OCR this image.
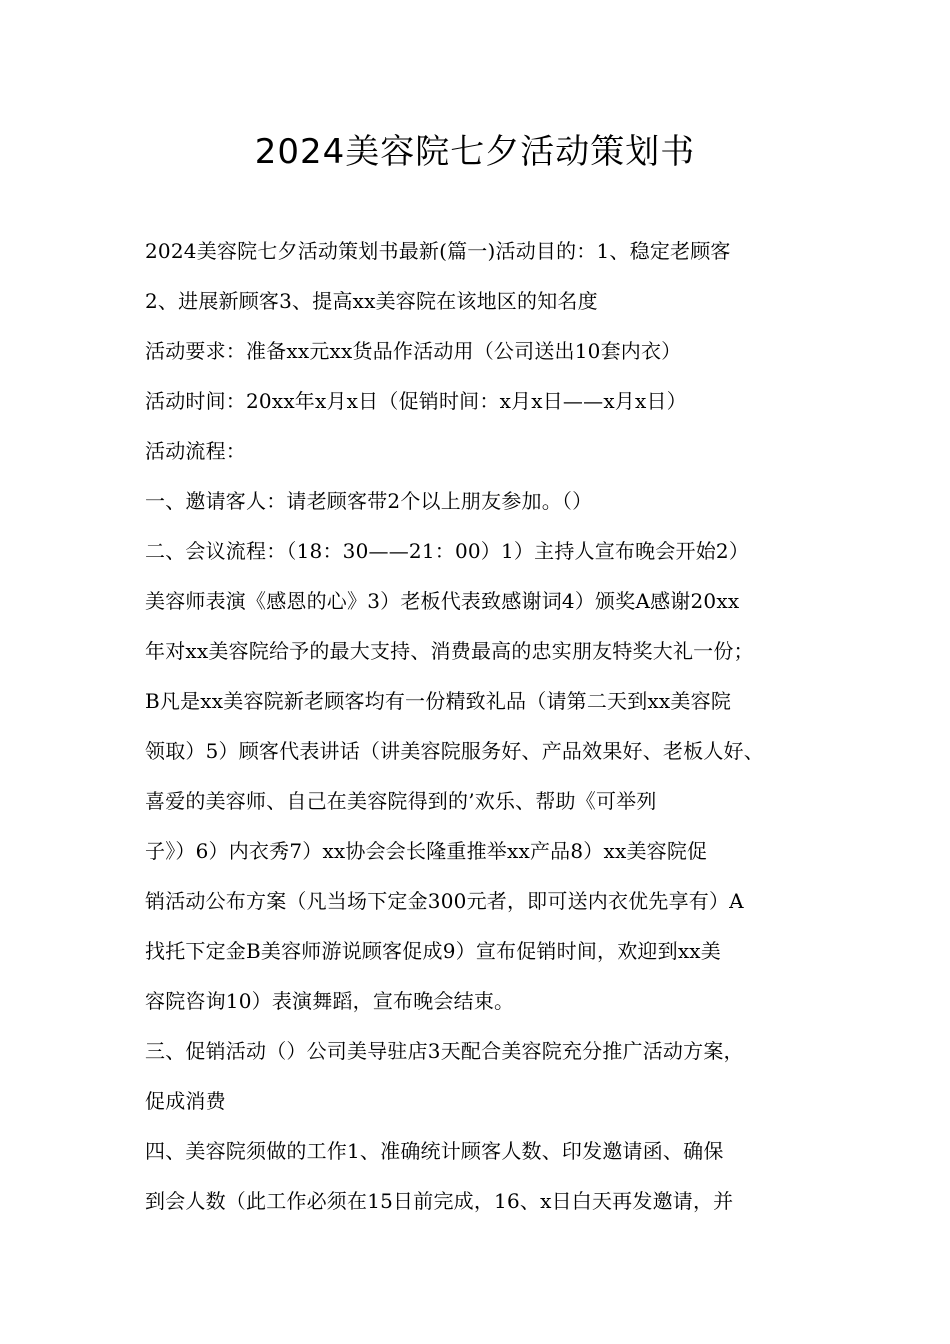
2024美容院七夕活动策划书
2024美容院七夕活动策划书最新(篇一)活动目的：1、稳定老顾客
2、进展新顾客3、提高xx美容院在该地区的知名度
活动要求：准备xx元xx货品作活动用（公司送出10套内衣）
活动时间：20xx年x月x日（促销时间：x月x日——x月x日）
活动流程：
一、邀请客人：请老顾客带2个以上朋友参加。（）
二、会议流程：（18：30——21：00）1）主持人宣布晚会开始2）
美容师表演《感恩的心》3）老板代表致感谢词4）颁奖A感谢20xx
年对xx美容院给予的最大支持、消费最高的忠实朋友特奖大礼一份；
B凡是xx美容院新老顾客均有一份精致礼品（请第二天到xx美容院
领取）5）顾客代表讲话（讲美容院服务好、产品效果好、老板人好、
喜爱的美容师、自己在美容院得到的’欢乐、帮助《可举列
子》）6）内衣秀7）xx协会会长隆重推举xx产品8）xx美容院促
销活动公布方案（凡当场下定金300元者，即可送内衣优先享有）A
找托下定金B美容师游说顾客促成9）宣布促销时间，欢迎到xx美
容院咨询10）表演舞蹈，宣布晚会结束。
三、促销活动（）公司美导驻店3天配合美容院充分推广活动方案，
促成消费
四、美容院须做的工作1、准确统计顾客人数、印发邀请函、确保
到会人数（此工作必须在15日前完成，16、x日白天再发邀请，并
